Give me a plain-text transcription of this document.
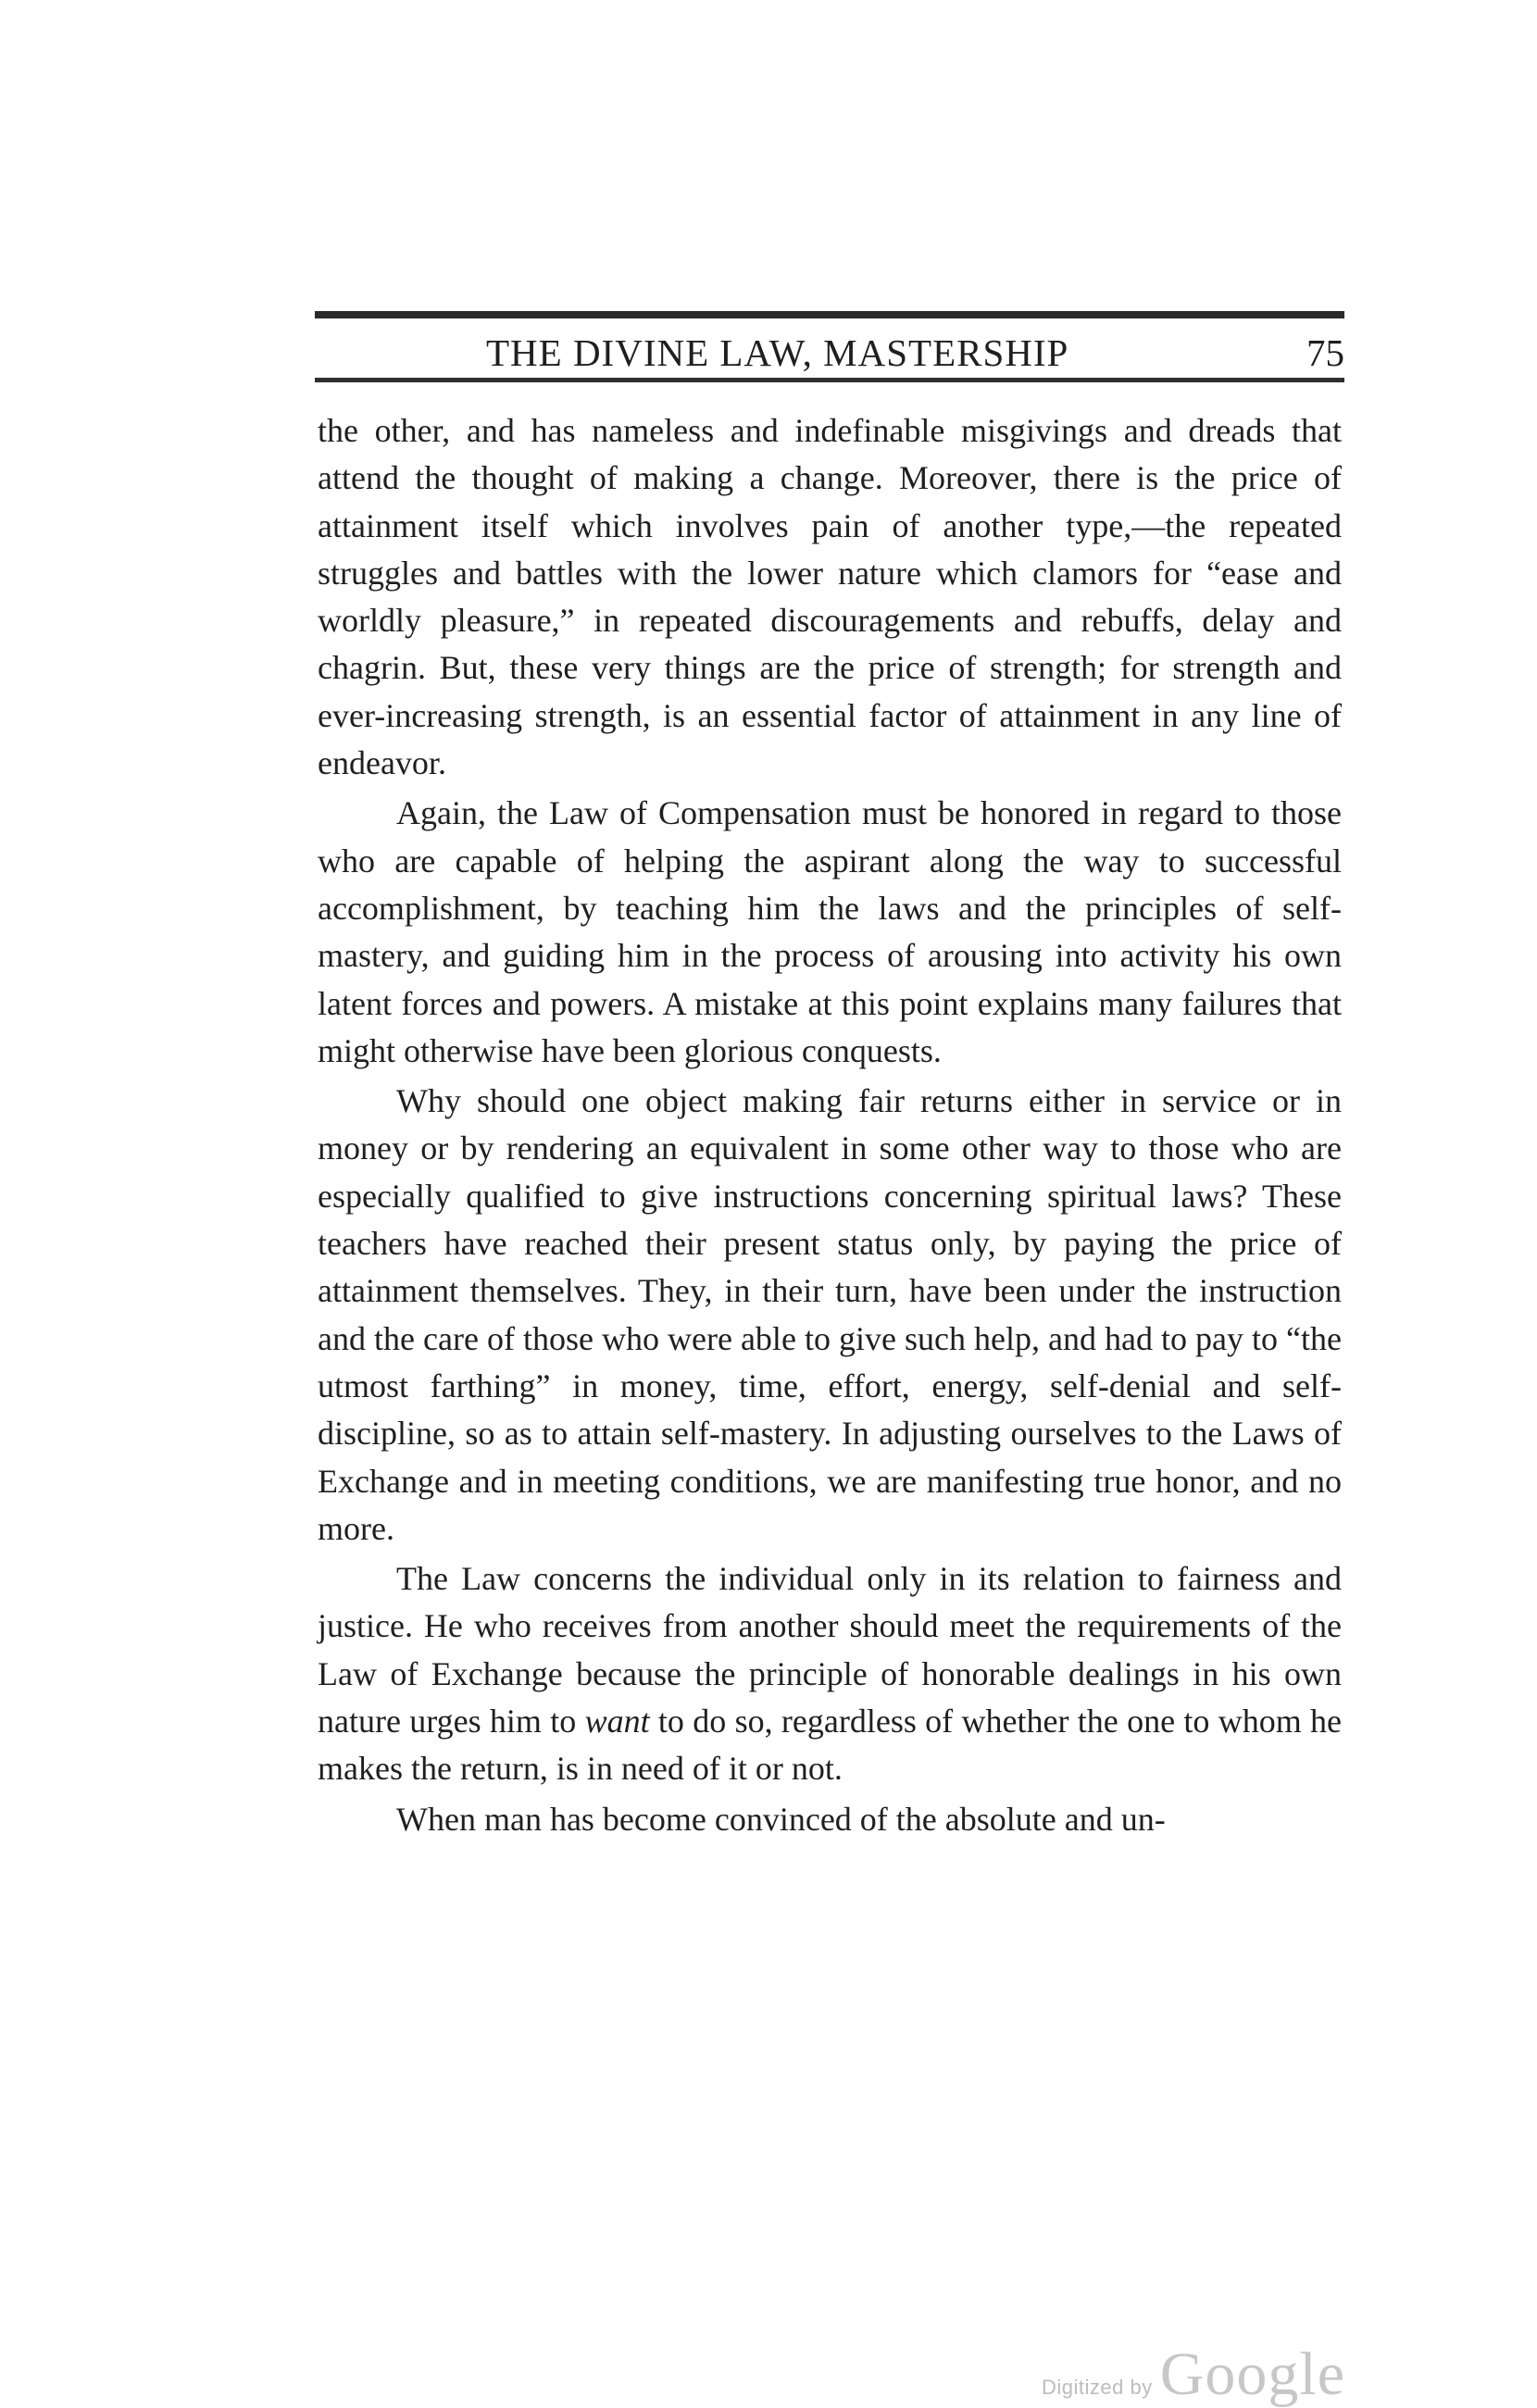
THE DIVINE LAW, MASTERSHIP	75

the other, and has nameless and indefinable misgivings and dreads that attend the thought of making a change. Moreover, there is the price of attainment itself which involves pain of another type,—the repeated struggles and battles with the lower nature which clamors for “ease and worldly pleasure,” in repeated discouragements and rebuffs, delay and chagrin. But, these very things are the price of strength; for strength and ever-increasing strength, is an essential factor of attainment in any line of endeavor.

Again, the Law of Compensation must be honored in regard to those who are capable of helping the aspirant along the way to successful accomplishment, by teaching him the laws and the principles of self-mastery, and guiding him in the process of arousing into activity his own latent forces and powers. A mistake at this point explains many failures that might otherwise have been glorious conquests.

Why should one object making fair returns either in service or in money or by rendering an equivalent in some other way to those who are especially qualified to give instructions concerning spiritual laws? These teachers have reached their present status only, by paying the price of attainment themselves. They, in their turn, have been under the instruction and the care of those who were able to give such help, and had to pay to “the utmost farthing” in money, time, effort, energy, self-denial and self-discipline, so as to attain self-mastery. In adjusting ourselves to the Laws of Exchange and in meeting conditions, we are manifesting true honor, and no more.

The Law concerns the individual only in its relation to fairness and justice. He who receives from another should meet the requirements of the Law of Exchange because the principle of honorable dealings in his own nature urges him to want to do so, regardless of whether the one to whom he makes the return, is in need of it or not.

When man has become convinced of the absolute and un-

Digitized by Google
